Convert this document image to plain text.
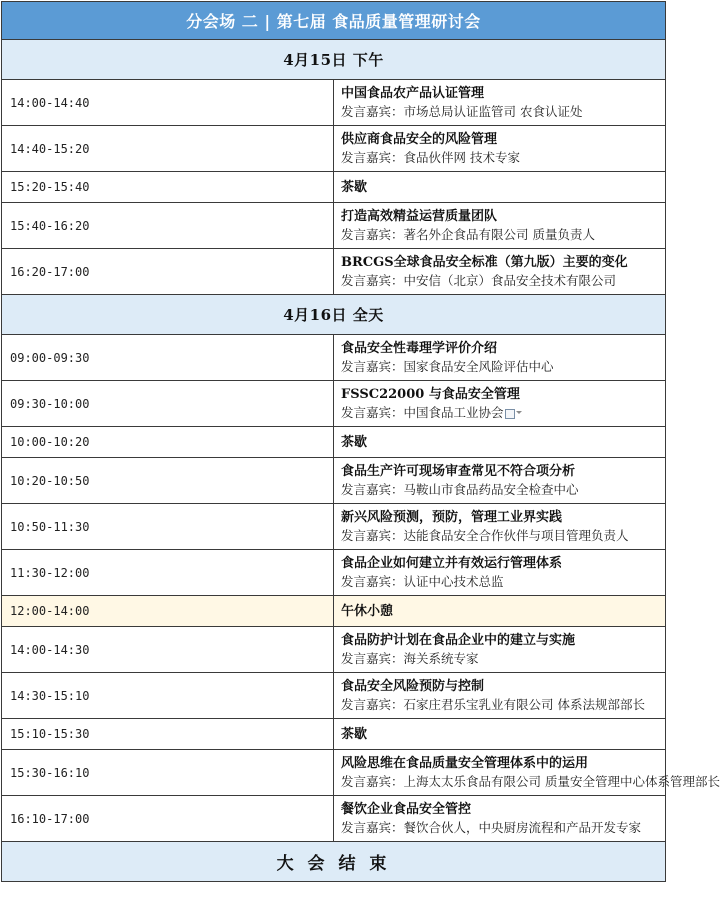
分会场 二 | 第七届 食品质量管理研讨会	
4月15日 下午	
14:00-14:40	中国食品农产品认证管理
发言嘉宾：市场总局认证监管司 农食认证处

14:40-15:20	供应商食品安全的风险管理
发言嘉宾：食品伙伴网 技术专家

15:20-15:40	茶歇
15:40-16:20	打造高效精益运营质量团队
发言嘉宾：著名外企食品有限公司 质量负责人

16:20-17:00	BRCGS全球食品安全标准（第九版）主要的变化
发言嘉宾：中安信（北京）食品安全技术有限公司

4月16日 全天	
09:00-09:30	食品安全性毒理学评价介绍
发言嘉宾：国家食品安全风险评估中心

09:30-10:00	FSSC22000 与食品安全管理
发言嘉宾：中国食品工业协会

10:00-10:20	茶歇
10:20-10:50	食品生产许可现场审查常见不符合项分析
发言嘉宾：马鞍山市食品药品安全检查中心

10:50-11:30	新兴风险预测，预防，管理工业界实践
发言嘉宾：达能食品安全合作伙伴与项目管理负责人

11:30-12:00	食品企业如何建立并有效运行管理体系
发言嘉宾：认证中心技术总监

12:00-14:00	午休小憩
14:00-14:30	食品防护计划在食品企业中的建立与实施
发言嘉宾：海关系统专家

14:30-15:10	食品安全风险预防与控制
发言嘉宾：石家庄君乐宝乳业有限公司 体系法规部部长

15:10-15:30	茶歇
15:30-16:10	风险思维在食品质量安全管理体系中的运用
发言嘉宾：上海太太乐食品有限公司 质量安全管理中心体系管理部长

16:10-17:00	餐饮企业食品安全管控
发言嘉宾：餐饮合伙人，中央厨房流程和产品开发专家

大 会 结 束	
